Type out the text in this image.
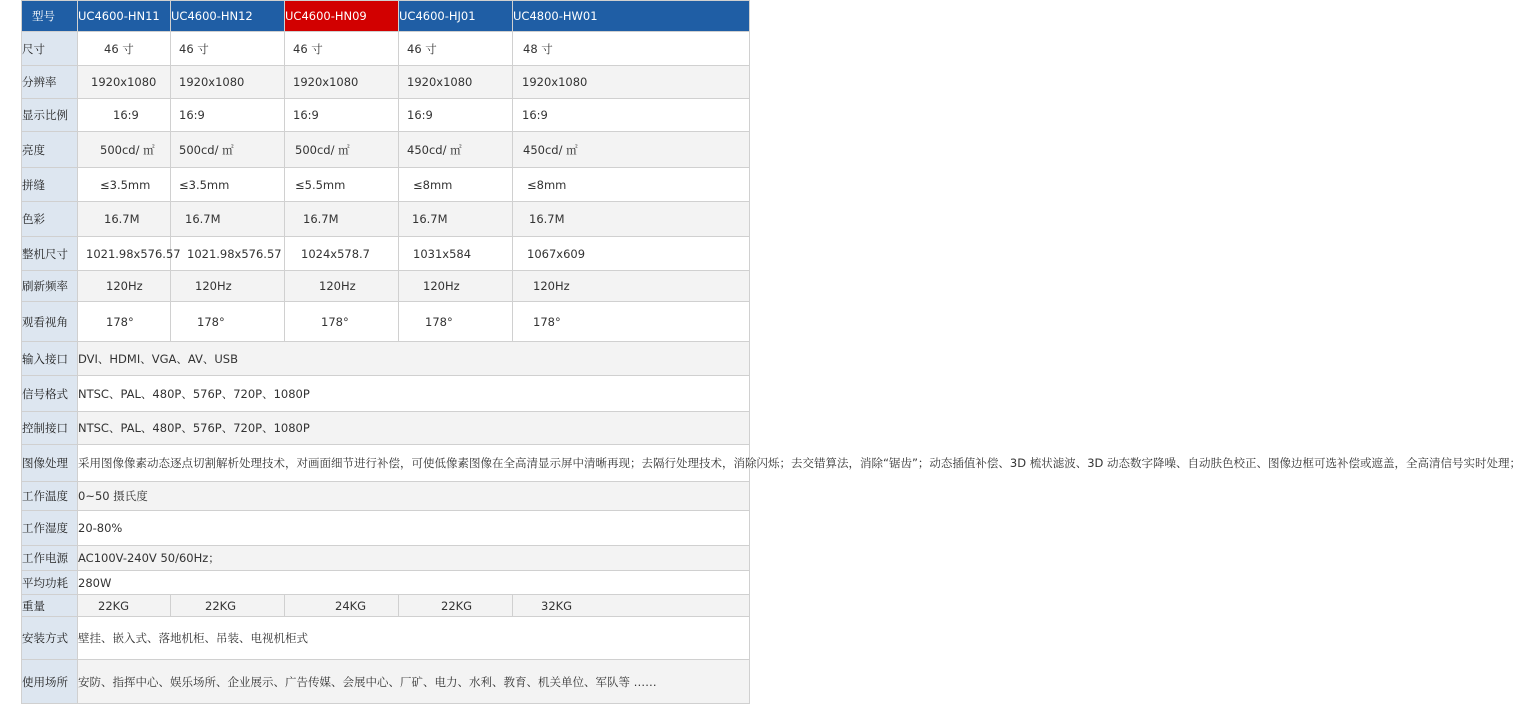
型号	UC4600-HN11	UC4600-HN12	UC4600-HN09	UC4600-HJ01	UC4800-HW01
尺寸	46 寸	46 寸	46 寸	46 寸	48 寸
分辨率	1920x1080	1920x1080	1920x1080	1920x1080	1920x1080
显示比例	16:9	16:9	16:9	16:9	16:9
亮度	500cd/ ㎡	500cd/ ㎡	500cd/ ㎡	450cd/ ㎡	450cd/ ㎡
拼缝	≤3.5mm	≤3.5mm	≤5.5mm	≤8mm	≤8mm
色彩	16.7M	16.7M	16.7M	16.7M	16.7M
整机尺寸	1021.98x576.57	1021.98x576.57	1024x578.7	1031x584	1067x609
刷新频率	120Hz	120Hz	120Hz	120Hz	120Hz
观看视角	178°	178°	178°	178°	178°
输入接口	DVI、HDMI、VGA、AV、USB				
信号格式	NTSC、PAL、480P、576P、720P、1080P				
控制接口	NTSC、PAL、480P、576P、720P、1080P				
图像处理	采用图像像素动态逐点切割解析处理技术，对画面细节进行补偿，可使低像素图像在全高清显示屏中清晰再现；去隔行处理技术，消除闪烁；去交错算法，消除“锯齿”；动态插值补偿、3D 梳状滤波、3D 动态数字降噪、自动肤色校正、图像边框可选补偿或遮盖，全高清信号实时处理；				
工作温度	0~50 摄氏度				
工作湿度	20-80%				
工作电源	AC100V-240V 50/60Hz；				
平均功耗	280W				
重量	22KG	22KG	24KG	22KG	32KG
安装方式	壁挂、嵌入式、落地机柜、吊装、电视机柜式				
使用场所	安防、指挥中心、娱乐场所、企业展示、广告传媒、会展中心、厂矿、电力、水利、教育、机关单位、军队等 ……				
